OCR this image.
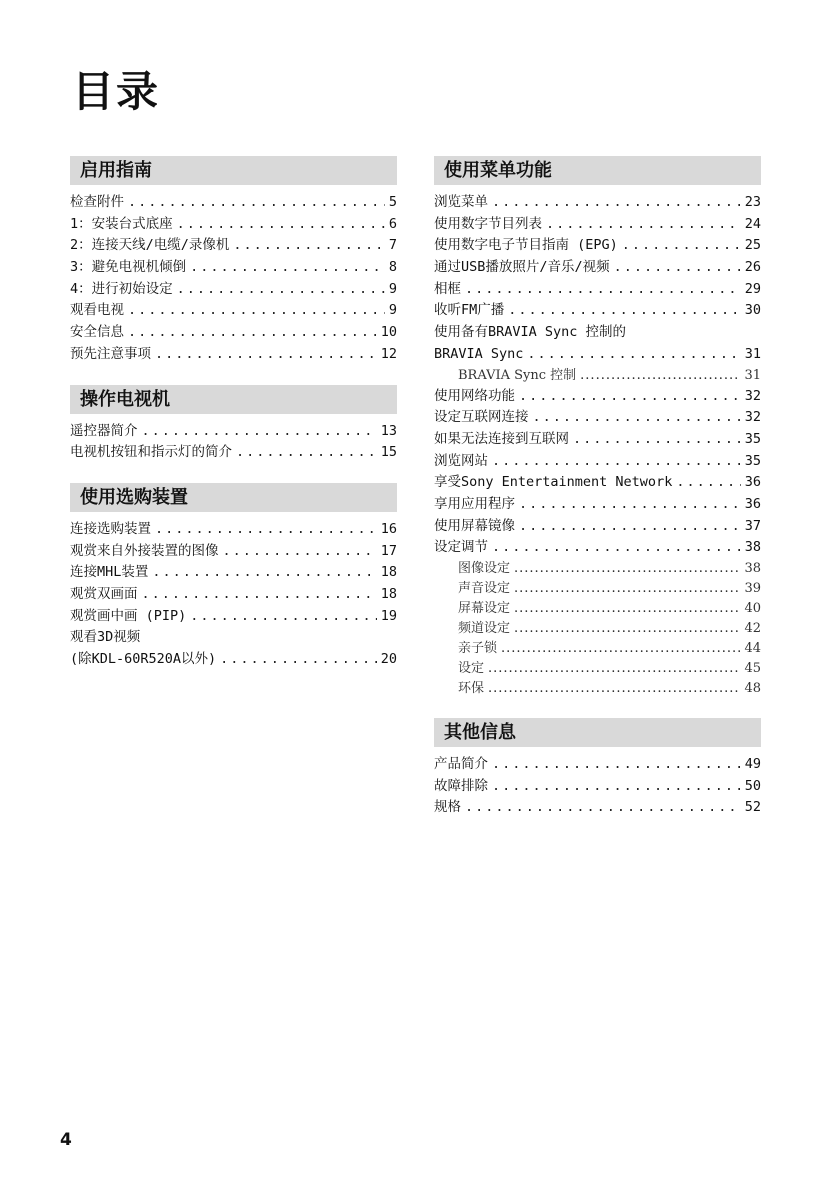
目录
启用指南
检查附件 .....	5
1：安装台式底座 .....	6
2：连接天线/电缆/录像机 .....	7
3：避免电视机倾倒 .....	8
4：进行初始设定 .....	9
观看电视 .....	9
安全信息 .....	10
预先注意事项 .....	12
操作电视机
遥控器简介 .....	13
电视机按钮和指示灯的简介 .....	15
使用选购装置
连接选购装置 .....	16
观赏来自外接装置的图像 .....	17
连接MHL装置 .....	18
观赏双画面 .....	18
观赏画中画 (PIP) .....	19
观看3D视频
(除KDL-60R520A以外) .....	20
使用菜单功能
浏览菜单 .....	23
使用数字节目列表 .....	24
使用数字电子节目指南 (EPG) .....	25
通过USB播放照片/音乐/视频 .....	26
相框 .....	29
收听FM广播 .....	30
使用备有BRAVIA Sync 控制的
BRAVIA Sync .....	31
BRAVIA Sync 控制 .....	31
使用网络功能 .....	32
设定互联网连接 .....	32
如果无法连接到互联网 .....	35
浏览网站 .....	35
享受Sony Entertainment Network .....	36
享用应用程序 .....	36
使用屏幕镜像 .....	37
设定调节 .....	38
图像设定 .....	38
声音设定 .....	39
屏幕设定 .....	40
频道设定 .....	42
亲子锁 .....	44
设定 .....	45
环保 .....	48
其他信息
产品简介 .....	49
故障排除 .....	50
规格 .....	52
4
